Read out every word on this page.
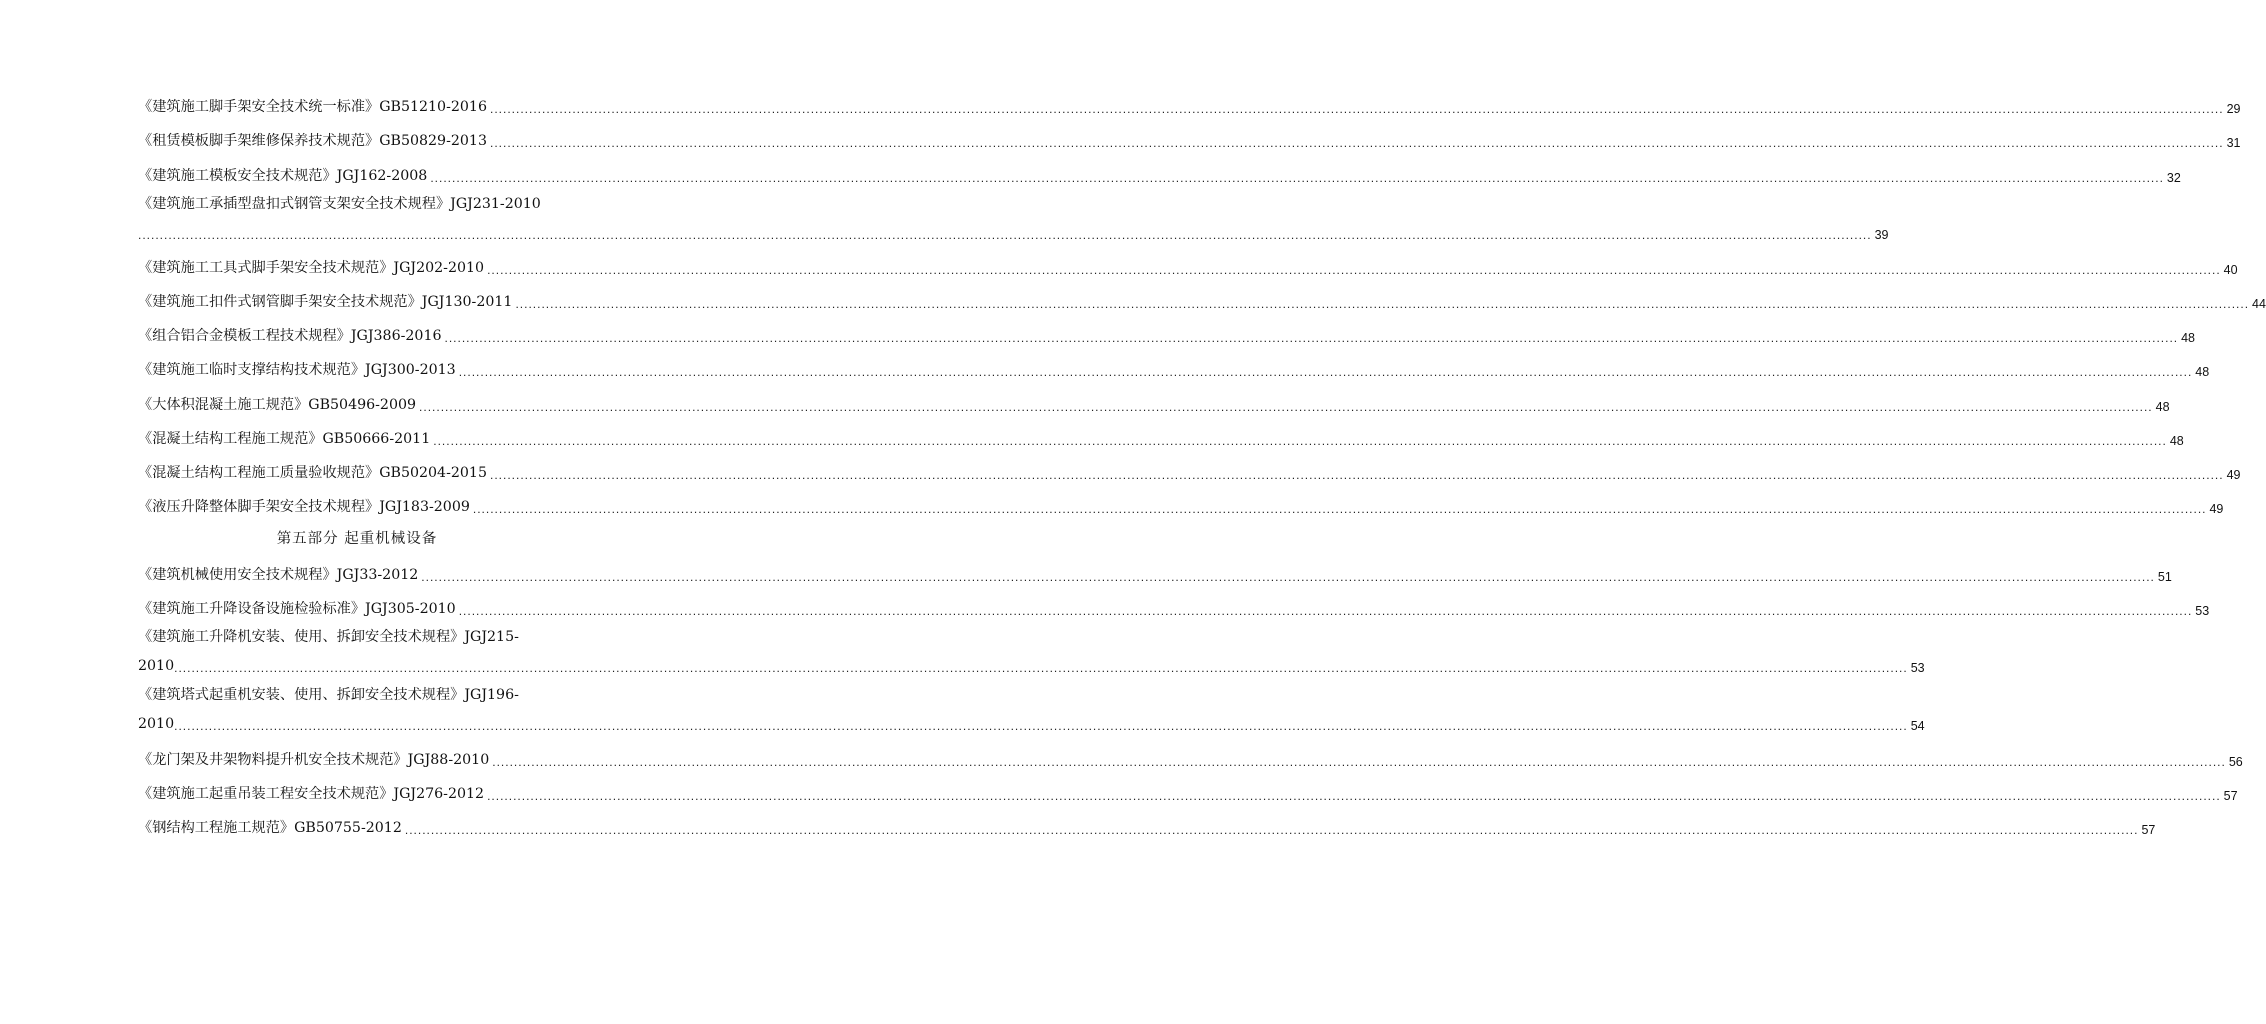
《建筑施工脚手架安全技术统一标准》GB51210-2016 ................................................................................................................................................................................................................................................................................................................................................................................................................ 29
《租赁模板脚手架维修保养技术规范》GB50829-2013 ................................................................................................................................................................................................................................................................................................................................................................................................................ 31
《建筑施工模板安全技术规范》JGJ162-2008 ................................................................................................................................................................................................................................................................................................................................................................................................................ 32
《建筑施工承插型盘扣式钢管支架安全技术规程》JGJ231-2010
................................................................................................................................................................................................................................................................................................................................................................................................................ 39
《建筑施工工具式脚手架安全技术规范》JGJ202-2010 ................................................................................................................................................................................................................................................................................................................................................................................................................ 40
《建筑施工扣件式钢管脚手架安全技术规范》JGJ130-2011 ................................................................................................................................................................................................................................................................................................................................................................................................................ 44
《组合铝合金模板工程技术规程》JGJ386-2016 ................................................................................................................................................................................................................................................................................................................................................................................................................ 48
《建筑施工临时支撑结构技术规范》JGJ300-2013 ................................................................................................................................................................................................................................................................................................................................................................................................................ 48
《大体积混凝土施工规范》GB50496-2009 ................................................................................................................................................................................................................................................................................................................................................................................................................ 48
《混凝土结构工程施工规范》GB50666-2011 ................................................................................................................................................................................................................................................................................................................................................................................................................ 48
《混凝土结构工程施工质量验收规范》GB50204-2015 ................................................................................................................................................................................................................................................................................................................................................................................................................ 49
《液压升降整体脚手架安全技术规程》JGJ183-2009 ................................................................................................................................................................................................................................................................................................................................................................................................................ 49
第五部分 起重机械设备
《建筑机械使用安全技术规程》JGJ33-2012 ................................................................................................................................................................................................................................................................................................................................................................................................................ 51
《建筑施工升降设备设施检验标准》JGJ305-2010 ................................................................................................................................................................................................................................................................................................................................................................................................................ 53
《建筑施工升降机安装、使用、拆卸安全技术规程》JGJ215-
2010 ................................................................................................................................................................................................................................................................................................................................................................................................................ 53
《建筑塔式起重机安装、使用、拆卸安全技术规程》JGJ196-
2010 ................................................................................................................................................................................................................................................................................................................................................................................................................ 54
《龙门架及井架物料提升机安全技术规范》JGJ88-2010 ................................................................................................................................................................................................................................................................................................................................................................................................................ 56
《建筑施工起重吊装工程安全技术规范》JGJ276-2012 ................................................................................................................................................................................................................................................................................................................................................................................................................ 57
《钢结构工程施工规范》GB50755-2012 ................................................................................................................................................................................................................................................................................................................................................................................................................ 57
